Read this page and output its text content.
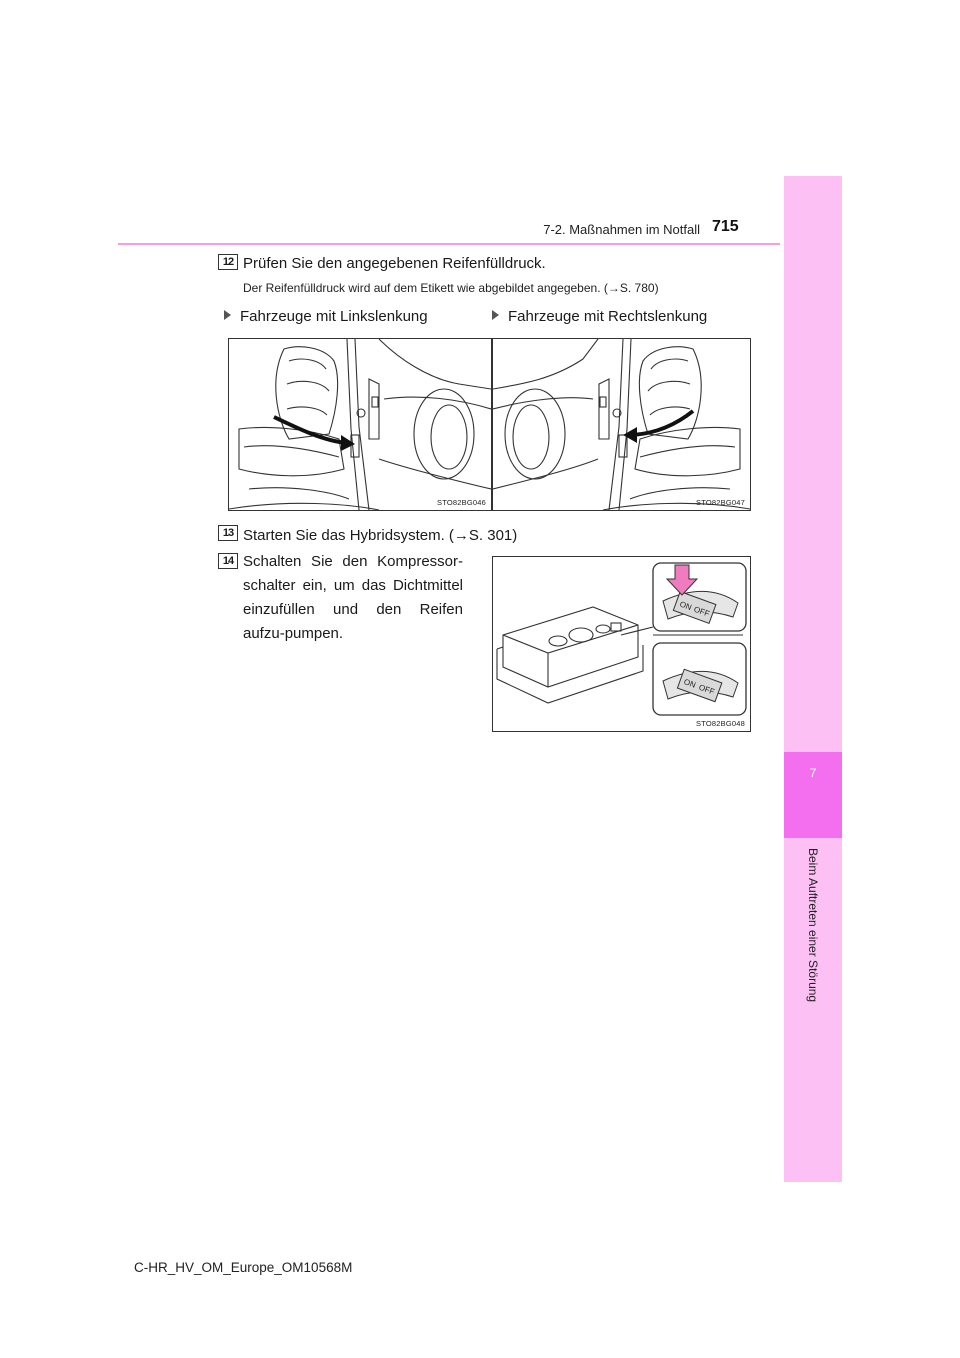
7-2. Maßnahmen im Notfall 715
7
Beim Auftreten einer Störung
12 Prüfen Sie den angegebenen Reifenfülldruck.
Der Reifenfülldruck wird auf dem Etikett wie abgebildet angegeben. (→S. 780)
Fahrzeuge mit Linkslenkung	Fahrzeuge mit Rechtslenkung
STO82BG046	STO82BG047
13 Starten Sie das Hybridsystem. (→S. 301)
14 Schalten Sie den Kompressor-schalter ein, um das Dichtmittel einzufüllen und den Reifen aufzu-pumpen.
ON OFF
ON OFF
STO82BG048
C-HR_HV_OM_Europe_OM10568M
